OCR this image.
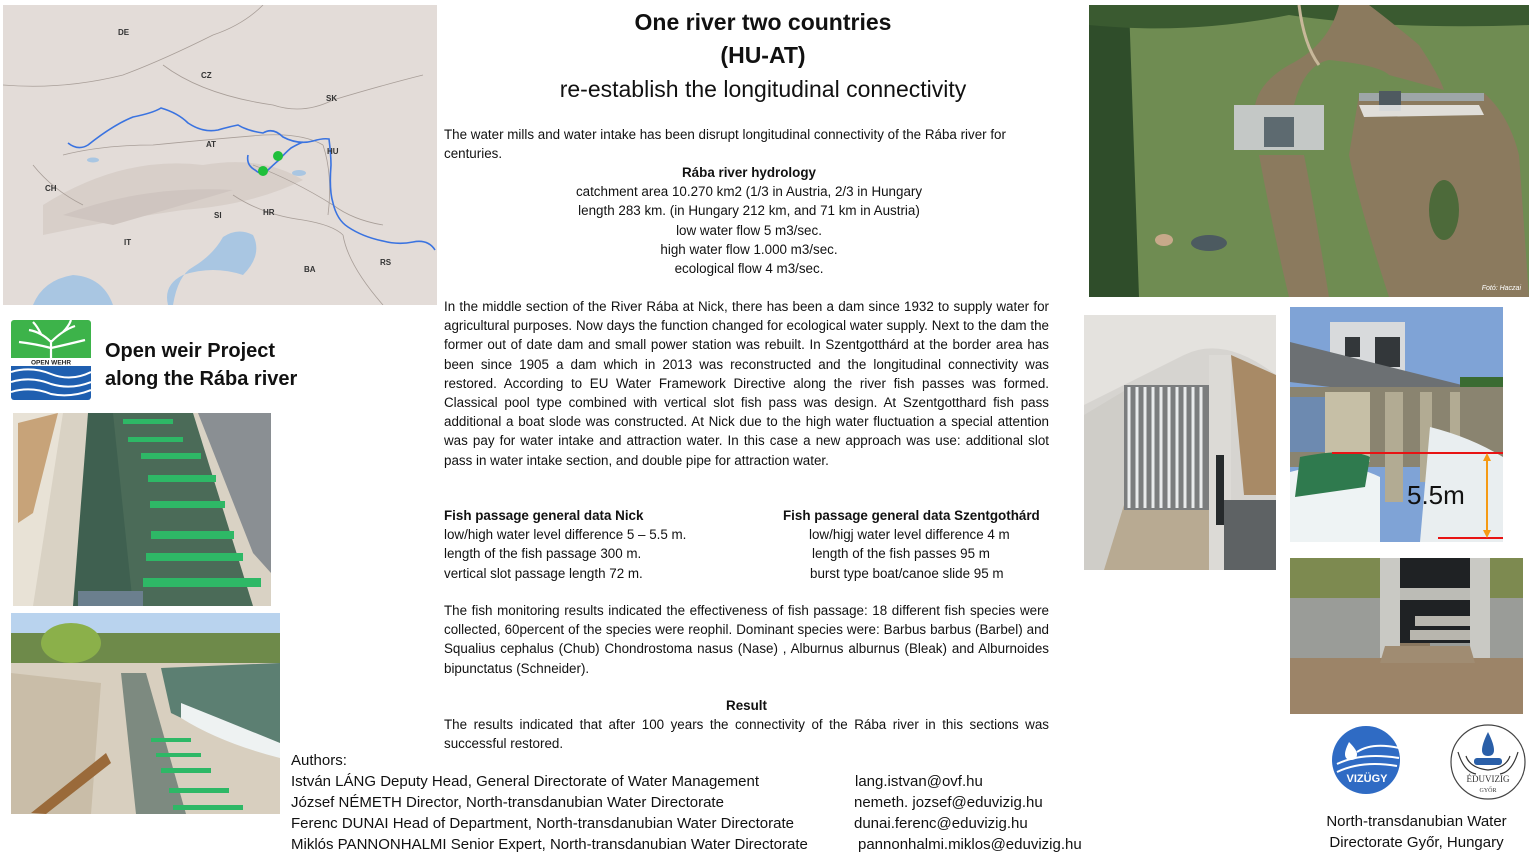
DE
CZ
SK
AT
HU
CH
SI	HR
IT
BA
RS
One river two countries
(HU-AT)
re-establish the longitudinal connectivity
The water mills and water intake has been disrupt longitudinal connectivity of the Rába river for centuries.
Rába river hydrology
catchment area 10.270 km2 (1/3 in Austria, 2/3 in Hungary
length 283 km. (in Hungary 212 km, and 71 km in Austria)
low water flow 5 m3/sec.
high water flow 1.000 m3/sec.
ecological flow 4 m3/sec.
In the middle section of the River Rába at Nick, there has been a dam since 1932 to supply water for agricultural purposes. Now days the function changed for ecological water supply. Next to the dam the former out of date dam and small power station was rebuilt. In Szentgotthárd at the border area has been since 1905 a dam which in 2013 was reconstructed and the longitudinal connectivity was restored. According to EU Water Framework Directive along the river fish passes was formed. Classical pool type combined with vertical slot fish pass was design. At Szentgotthard fish pass additional a boat slode was constructed. At Nick due to the high water fluctuation a special attention was pay for water intake and attraction water. In this case a new approach was use: additional slot pass in water intake section, and double pipe for attraction water.
Fish passage general data Nick
low/high water level difference 5 – 5.5 m.
length of the fish passage 300 m.
vertical slot passage length 72 m.
Fish passage general data Szentgothárd
low/higj water level difference 4 m
length of the fish passes 95 m
burst type boat/canoe slide 95 m
The fish monitoring results indicated the effectiveness of fish passage: 18 different fish species were collected, 60percent of the species were reophil. Dominant species were: Barbus barbus (Barbel) and Squalius cephalus (Chub) Chondrostoma nasus (Nase) , Alburnus alburnus (Bleak) and Alburnoides bipunctatus (Schneider).
Result
The results indicated that after 100 years the connectivity of the Rába river in this sections was successful restored.
Authors:
István LÁNG Deputy Head, General Directorate of Water Management	lang.istvan@ovf.hu
József NÉMETH Director, North-transdanubian Water Directorate	nemeth. jozsef@eduvizig.hu
Ferenc DUNAI Head of Department, North-transdanubian Water Directorate	dunai.ferenc@eduvizig.hu
Miklós PANNONHALMI Senior Expert, North-transdanubian Water Directorate	pannonhalmi.miklos@eduvizig.hu
OPEN WEHR
Open weir Project
along the Rába river
Fotó: Haczai
5.5m
VIZÜGY	ÉDUVIZIG
GYŐR
North-transdanubian Water
Directorate Győr, Hungary
